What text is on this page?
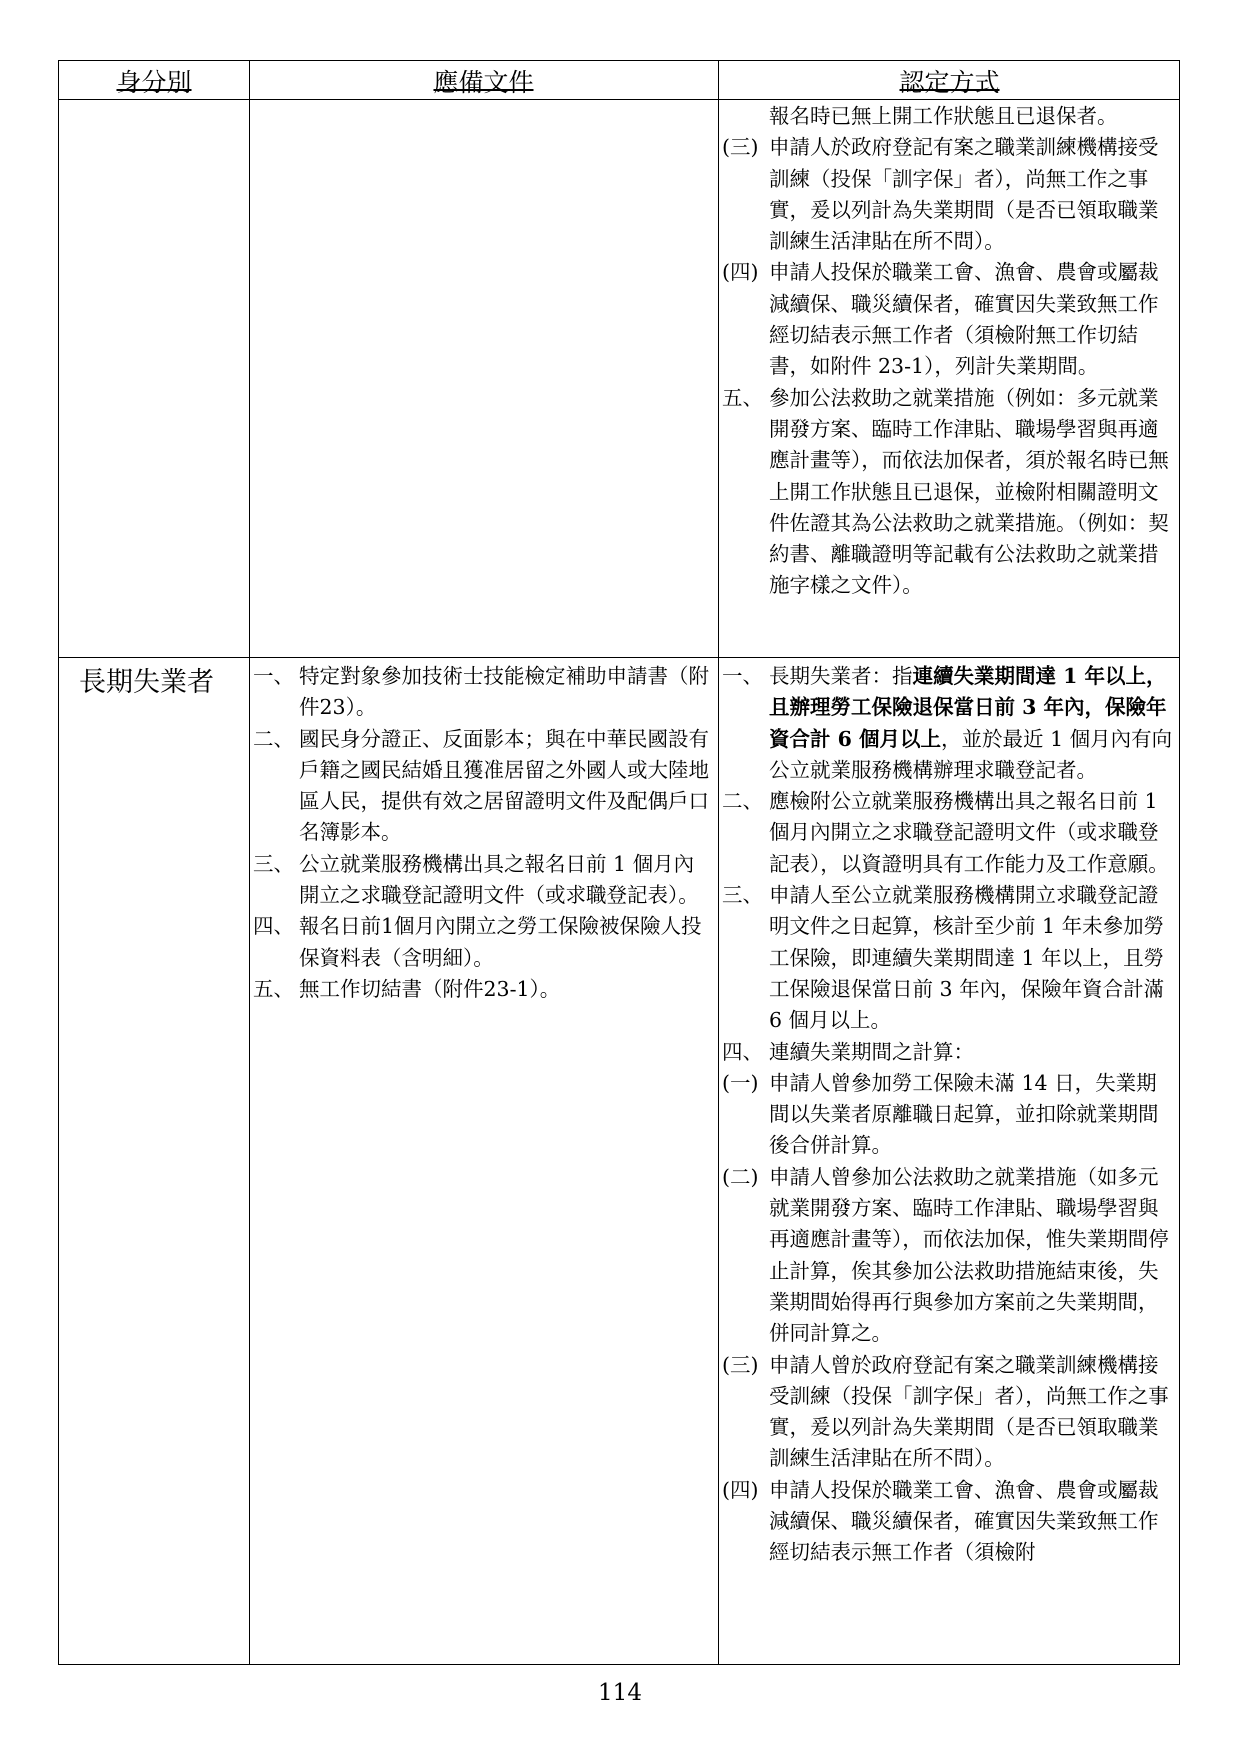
身分別	應備文件	認定方式
報名時已無上開工作狀態且已退保者。
(三) 申請人於政府登記有案之職業訓練機構接受訓練（投保「訓字保」者），尚無工作之事實，爰以列計為失業期間（是否已領取職業訓練生活津貼在所不問）。
(四) 申請人投保於職業工會、漁會、農會或屬裁減續保、職災續保者，確實因失業致無工作經切結表示無工作者（須檢附無工作切結書，如附件 23-1），列計失業期間。
五、 參加公法救助之就業措施（例如：多元就業開發方案、臨時工作津貼、職場學習與再適應計畫等），而依法加保者，須於報名時已無上開工作狀態且已退保，並檢附相關證明文件佐證其為公法救助之就業措施。（例如：契約書、離職證明等記載有公法救助之就業措施字樣之文件）。
長期失業者 一、 特定對象參加技術士技能檢定補助申請書（附件23）。
二、 國民身分證正、反面影本；與在中華民國設有戶籍之國民結婚且獲准居留之外國人或大陸地區人民，提供有效之居留證明文件及配偶戶口名簿影本。
三、 公立就業服務機構出具之報名日前 1 個月內開立之求職登記證明文件（或求職登記表）。
四、 報名日前1個月內開立之勞工保險被保險人投保資料表（含明細）。
五、 無工作切結書（附件23-1）。
一、 長期失業者：指連續失業期間達 1 年以上，且辦理勞工保險退保當日前 3 年內，保險年資合計 6 個月以上，並於最近 1 個月內有向公立就業服務機構辦理求職登記者。
二、 應檢附公立就業服務機構出具之報名日前 1 個月內開立之求職登記證明文件（或求職登記表），以資證明具有工作能力及工作意願。
三、 申請人至公立就業服務機構開立求職登記證明文件之日起算，核計至少前 1 年未參加勞工保險，即連續失業期間達 1 年以上，且勞工保險退保當日前 3 年內，保險年資合計滿 6 個月以上。
四、 連續失業期間之計算：
(一) 申請人曾參加勞工保險未滿 14 日，失業期間以失業者原離職日起算，並扣除就業期間後合併計算。
(二) 申請人曾參加公法救助之就業措施（如多元就業開發方案、臨時工作津貼、職場學習與再適應計畫等），而依法加保，惟失業期間停止計算，俟其參加公法救助措施結束後，失業期間始得再行與參加方案前之失業期間，併同計算之。
(三) 申請人曾於政府登記有案之職業訓練機構接受訓練（投保「訓字保」者），尚無工作之事實，爰以列計為失業期間（是否已領取職業訓練生活津貼在所不問）。
(四) 申請人投保於職業工會、漁會、農會或屬裁減續保、職災續保者，確實因失業致無工作經切結表示無工作者（須檢附
114
